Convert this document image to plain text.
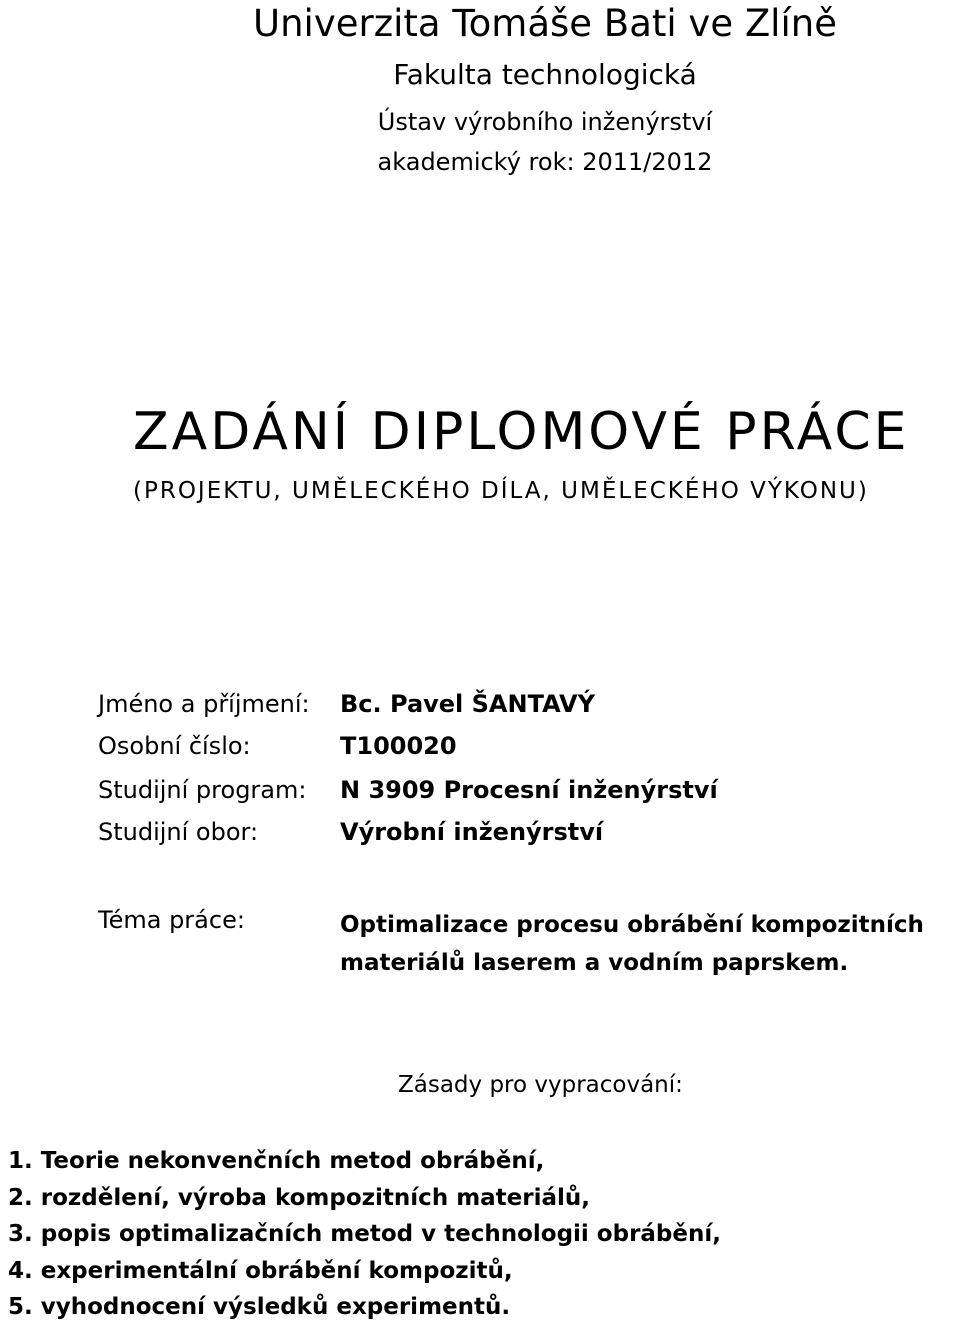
Univerzita Tomáše Bati ve Zlíně
Fakulta technologická
Ústav výrobního inženýrství
akademický rok: 2011/2012
ZADÁNÍ DIPLOMOVÉ PRÁCE
(PROJEKTU, UMĚLECKÉHO DÍLA, UMĚLECKÉHO VÝKONU)
Jméno a příjmení: Bc. Pavel ŠANTAVÝ
Osobní číslo:	T100020
Studijní program: N 3909 Procesní inženýrství
Studijní obor:	Výrobní inženýrství
Téma práce:	Optimalizace procesu obrábění kompozitních materiálů laserem a vodním paprskem.
Zásady pro vypracování:
1. Teorie nekonvenčních metod obrábění,
2. rozdělení, výroba kompozitních materiálů,
3. popis optimalizačních metod v technologii obrábění,
4. experimentální obrábění kompozitů,
5. vyhodnocení výsledků experimentů.
